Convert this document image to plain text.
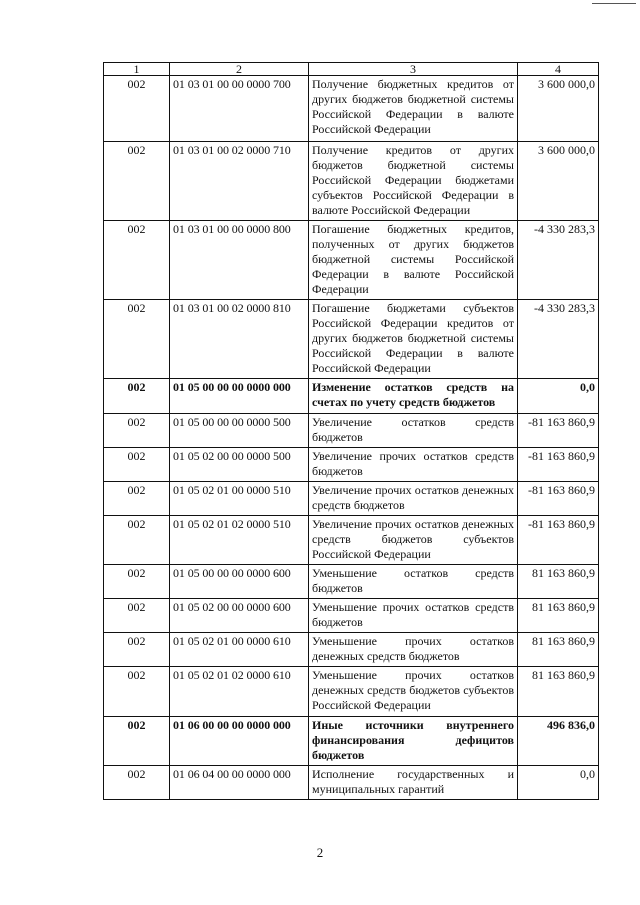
1	2	3	4
002	01 03 01 00 00 0000 700	Получение бюджетных кредитов от других бюджетов бюджетной системы Российской Федерации в валюте Российской Федерации	3 600 000,0
002	01 03 01 00 02 0000 710	Получение кредитов от других бюджетов бюджетной системы Российской Федерации бюджетами субъектов Российской Федерации в валюте Российской Федерации	3 600 000,0
002	01 03 01 00 00 0000 800	Погашение бюджетных кредитов, полученных от других бюджетов бюджетной системы Российской Федерации в валюте Российской Федерации	-4 330 283,3
002	01 03 01 00 02 0000 810	Погашение бюджетами субъектов Российской Федерации кредитов от других бюджетов бюджетной системы Российской Федерации в валюте Российской Федерации	-4 330 283,3
002	01 05 00 00 00 0000 000	Изменение остатков средств на счетах по учету средств бюджетов	0,0
002	01 05 00 00 00 0000 500	Увеличение остатков средств бюджетов	-81 163 860,9
002	01 05 02 00 00 0000 500	Увеличение прочих остатков средств бюджетов	-81 163 860,9
002	01 05 02 01 00 0000 510	Увеличение прочих остатков денежных средств бюджетов	-81 163 860,9
002	01 05 02 01 02 0000 510	Увеличение прочих остатков денежных средств бюджетов субъектов Российской Федерации	-81 163 860,9
002	01 05 00 00 00 0000 600	Уменьшение остатков средств бюджетов	81 163 860,9
002	01 05 02 00 00 0000 600	Уменьшение прочих остатков средств бюджетов	81 163 860,9
002	01 05 02 01 00 0000 610	Уменьшение прочих остатков денежных средств бюджетов	81 163 860,9
002	01 05 02 01 02 0000 610	Уменьшение прочих остатков денежных средств бюджетов субъектов Российской Федерации	81 163 860,9
002	01 06 00 00 00 0000 000	Иные источники внутреннего финансирования дефицитов бюджетов	496 836,0
002	01 06 04 00 00 0000 000	Исполнение государственных и муниципальных гарантий	0,0
2
